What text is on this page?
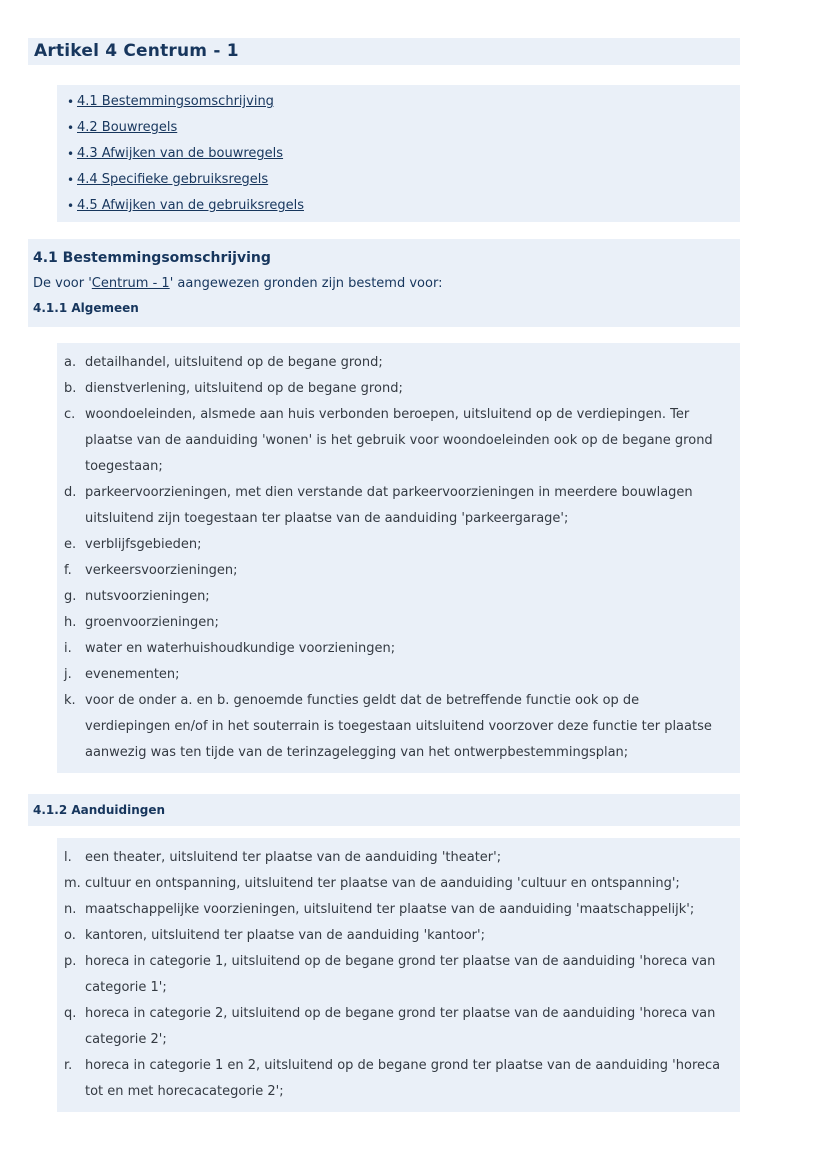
Artikel 4 Centrum - 1
• 4.1 Bestemmingsomschrijving
• 4.2 Bouwregels
• 4.3 Afwijken van de bouwregels
• 4.4 Specifieke gebruiksregels
• 4.5 Afwijken van de gebruiksregels
4.1 Bestemmingsomschrijving
De voor 'Centrum - 1' aangewezen gronden zijn bestemd voor:
4.1.1 Algemeen
a. detailhandel, uitsluitend op de begane grond;
b. dienstverlening, uitsluitend op de begane grond;
c. woondoeleinden, alsmede aan huis verbonden beroepen, uitsluitend op de verdiepingen. Ter plaatse van de aanduiding 'wonen' is het gebruik voor woondoeleinden ook op de begane grond toegestaan;
d. parkeervoorzieningen, met dien verstande dat parkeervoorzieningen in meerdere bouwlagen uitsluitend zijn toegestaan ter plaatse van de aanduiding 'parkeergarage';
e. verblijfsgebieden;
f.	verkeersvoorzieningen;
g. nutsvoorzieningen;
h. groenvoorzieningen;
i.	water en waterhuishoudkundige voorzieningen;
j.	evenementen;
k. voor de onder a. en b. genoemde functies geldt dat de betreffende functie ook op de verdiepingen en/of in het souterrain is toegestaan uitsluitend voorzover deze functie ter plaatse aanwezig was ten tijde van de terinzagelegging van het ontwerpbestemmingsplan;
4.1.2 Aanduidingen
l.	een theater, uitsluitend ter plaatse van de aanduiding 'theater';
m. cultuur en ontspanning, uitsluitend ter plaatse van de aanduiding 'cultuur en ontspanning';
n. maatschappelijke voorzieningen, uitsluitend ter plaatse van de aanduiding 'maatschappelijk';
o. kantoren, uitsluitend ter plaatse van de aanduiding 'kantoor';
p. horeca in categorie 1, uitsluitend op de begane grond ter plaatse van de aanduiding 'horeca van categorie 1';
q. horeca in categorie 2, uitsluitend op de begane grond ter plaatse van de aanduiding 'horeca van categorie 2';
r. horeca in categorie 1 en 2, uitsluitend op de begane grond ter plaatse van de aanduiding 'horeca tot en met horecacategorie 2';
